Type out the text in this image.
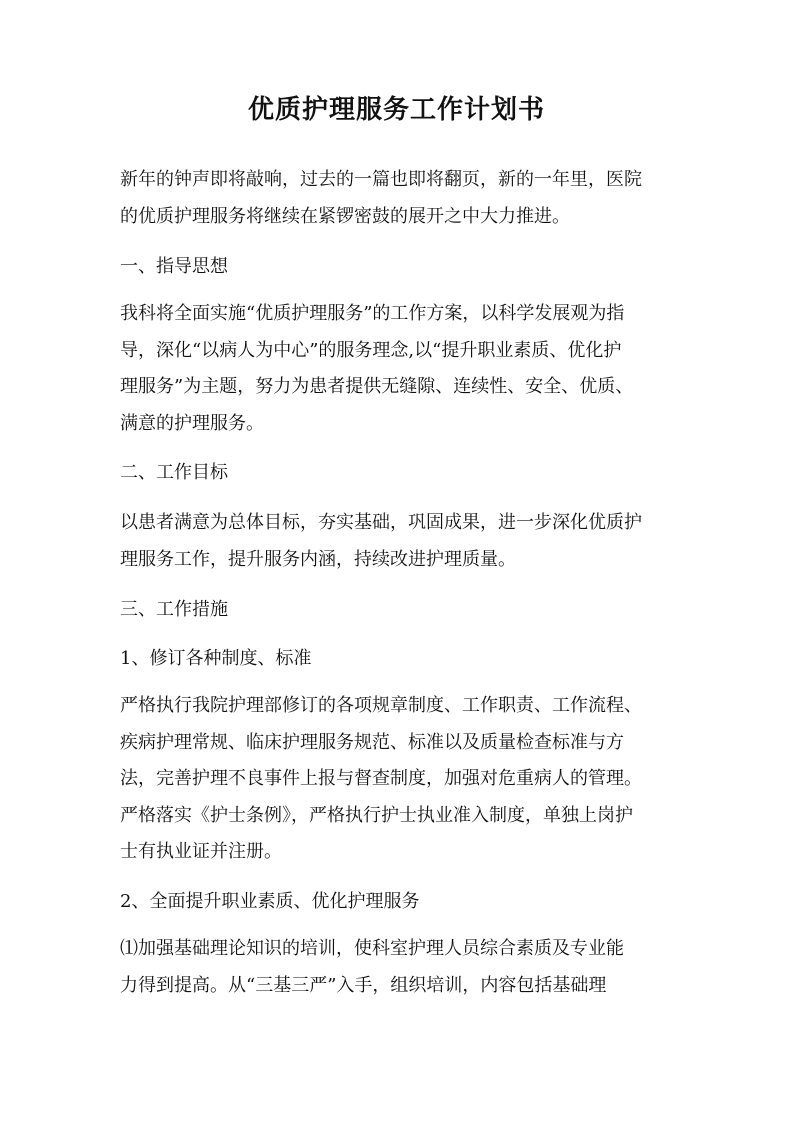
优质护理服务工作计划书
新年的钟声即将敲响，过去的一篇也即将翻页，新的一年里，医院
的优质护理服务将继续在紧锣密鼓的展开之中大力推进。
一、指导思想
我科将全面实施“优质护理服务”的工作方案，以科学发展观为指
导，深化“以病人为中心”的服务理念,以“提升职业素质、优化护
理服务”为主题，努力为患者提供无缝隙、连续性、安全、优质、
满意的护理服务。
二、工作目标
以患者满意为总体目标，夯实基础，巩固成果，进一步深化优质护
理服务工作，提升服务内涵，持续改进护理质量。
三、工作措施
1、修订各种制度、标准
严格执行我院护理部修订的各项规章制度、工作职责、工作流程、
疾病护理常规、临床护理服务规范、标准以及质量检查标准与方
法，完善护理不良事件上报与督查制度，加强对危重病人的管理。
严格落实《护士条例》，严格执行护士执业准入制度，单独上岗护
士有执业证并注册。
2、全面提升职业素质、优化护理服务
⑴加强基础理论知识的培训，使科室护理人员综合素质及专业能
力得到提高。从“三基三严”入手，组织培训，内容包括基础理
